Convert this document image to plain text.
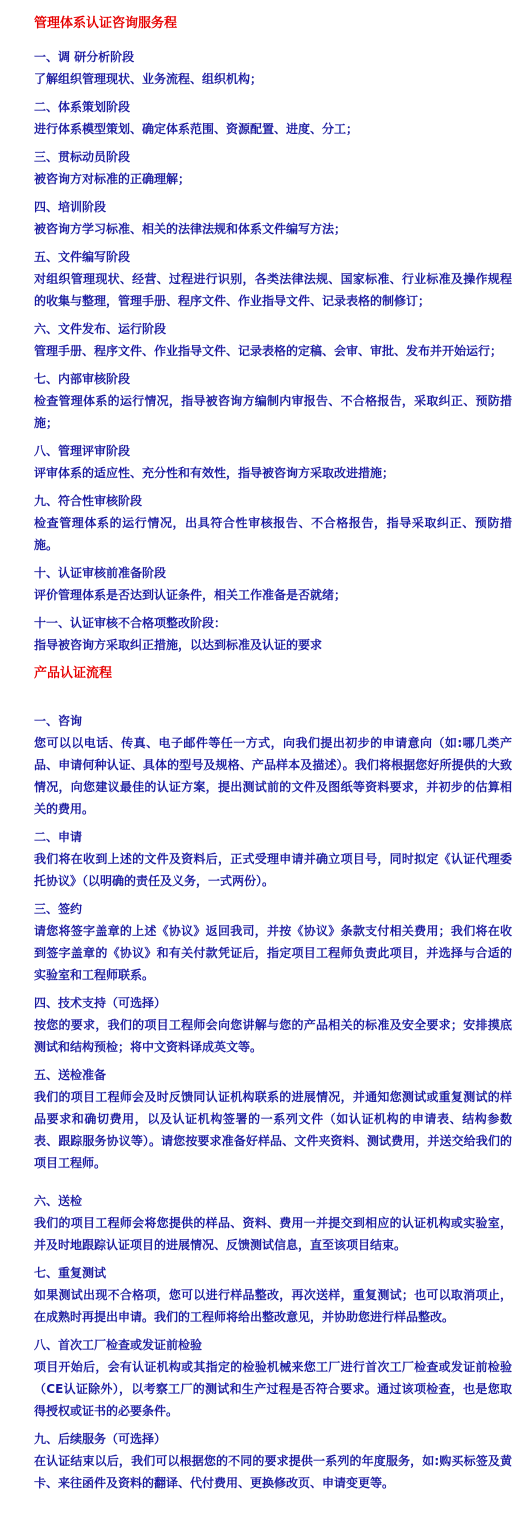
管理体系认证咨询服务程

一、调 研分析阶段

了解组织管理现状、业务流程、组织机构；

二、体系策划阶段

进行体系模型策划、确定体系范围、资源配置、进度、分工；

三、贯标动员阶段

被咨询方对标准的正确理解；

四、培训阶段

被咨询方学习标准、相关的法律法规和体系文件编写方法；

五、文件编写阶段

对组织管理现状、经营、过程进行识别，各类法律法规、国家标准、行业标准及操作规程的收集与整理，管理手册、程序文件、作业指导文件、记录表格的制修订；

六、文件发布、运行阶段

管理手册、程序文件、作业指导文件、记录表格的定稿、会审、审批、发布并开始运行；

七、内部审核阶段

检查管理体系的运行情况，指导被咨询方编制内审报告、不合格报告，采取纠正、预防措施；

八、管理评审阶段

评审体系的适应性、充分性和有效性，指导被咨询方采取改进措施；

九、符合性审核阶段

检查管理体系的运行情况，出具符合性审核报告、不合格报告，指导采取纠正、预防措施。

十、认证审核前准备阶段

评价管理体系是否达到认证条件，相关工作准备是否就绪；

十一、认证审核不合格项整改阶段：

指导被咨询方采取纠正措施，以达到标准及认证的要求

产品认证流程

一、咨询

您可以以电话、传真、电子邮件等任一方式，向我们提出初步的申请意向（如:哪几类产品、申请何种认证、具体的型号及规格、产品样本及描述）。我们将根据您好所提供的大致情况，向您建议最佳的认证方案，提出测试前的文件及图纸等资料要求，并初步的估算相关的费用。

二、申请

我们将在收到上述的文件及资料后，正式受理申请并确立项目号，同时拟定《认证代理委托协议》（以明确的责任及义务，一式两份）。

三、签约

请您将签字盖章的上述《协议》返回我司，并按《协议》条款支付相关费用；我们将在收到签字盖章的《协议》和有关付款凭证后，指定项目工程师负责此项目，并选择与合适的实验室和工程师联系。

四、技术支持（可选择）

按您的要求，我们的项目工程师会向您讲解与您的产品相关的标准及安全要求；安排摸底测试和结构预检；将中文资料译成英文等。

五、送检准备

我们的项目工程师会及时反馈同认证机构联系的进展情况，并通知您测试或重复测试的样品要求和确切费用，以及认证机构签署的一系列文件（如认证机构的申请表、结构参数表、跟踪服务协议等）。请您按要求准备好样品、文件夹资料、测试费用，并送交给我们的项目工程师。

六、送检

我们的项目工程师会将您提供的样品、资料、费用一并提交到相应的认证机构或实验室，并及时地跟踪认证项目的进展情况、反馈测试信息，直至该项目结束。

七、重复测试

如果测试出现不合格项，您可以进行样品整改，再次送样，重复测试；也可以取消项止，在成熟时再提出申请。我们的工程师将给出整改意见，并协助您进行样品整改。

八、首次工厂检查或发证前检验

项目开始后，会有认证机构或其指定的检验机械来您工厂进行首次工厂检查或发证前检验（CE认证除外），以考察工厂的测试和生产过程是否符合要求。通过该项检查，也是您取得授权或证书的必要条件。

九、后续服务（可选择）

在认证结束以后，我们可以根据您的不同的要求提供一系列的年度服务，如:购买标签及黄卡、来往函件及资料的翻译、代付费用、更换修改页、申请变更等。
